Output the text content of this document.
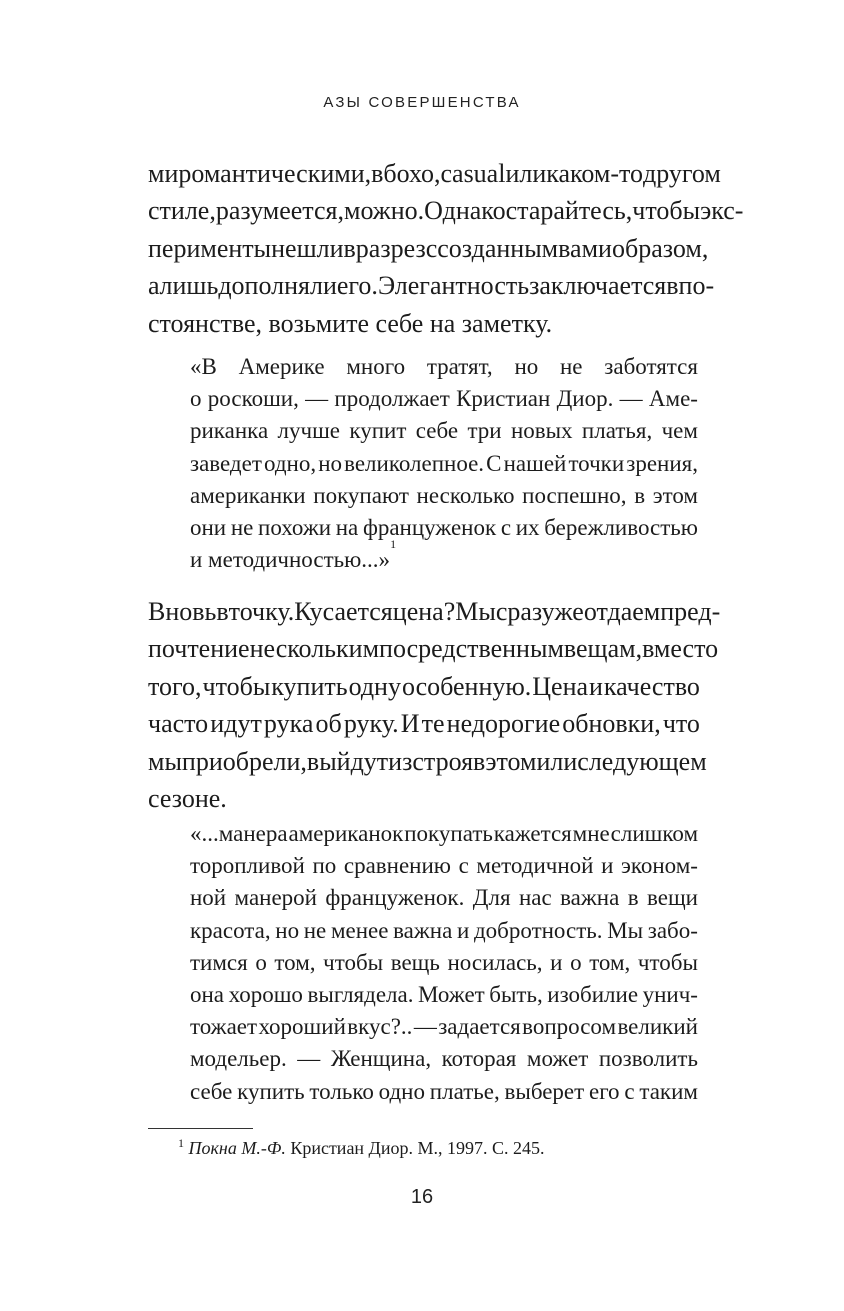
АЗЫ СОВЕРШЕНСТВА
ми романтическими, в бохо, casual или каком-то другом
стиле, разумеется, можно. Однако старайтесь, чтобы экс-
перименты не шли вразрез с созданным вами образом,
а лишь дополняли его. Элегантность заключается в по-
стоянстве, возьмите себе на заметку.
«В Америке много тратят, но не заботятся
о роскоши, — продолжает Кристиан Диор. — Аме-
риканка лучше купит себе три новых платья, чем
заведет одно, но великолепное. С нашей точки зрения,
американки покупают несколько поспешно, в этом
они не похожи на француженок с их бережливостью
и методичностью...»
1
Вновь в точку. Кусается цена? Мы сразу же отдаем пред-
почтение нескольким посредственным вещам, вместо
того, чтобы купить одну особенную. Цена и качество
часто идут рука об руку. И те недорогие обновки, что
мы приобрели, выйдут из строя в этом или следующем
сезоне.
«...манера американок покупать кажется мне слишком
торопливой по сравнению с методичной и эконом-
ной манерой француженок. Для нас важна в вещи
красота, но не менее важна и добротность. Мы забо-
тимся о том, чтобы вещь носилась, и о том, чтобы
она хорошо выглядела. Может быть, изобилие унич-
тожает хороший вкус?.. — задается вопросом великий
модельер. — Женщина, которая может позволить
себе купить только одно платье, выберет его с таким
$^1$ Покна М.-Ф. Кристиан Диор. М., 1997. С. 245.
16
